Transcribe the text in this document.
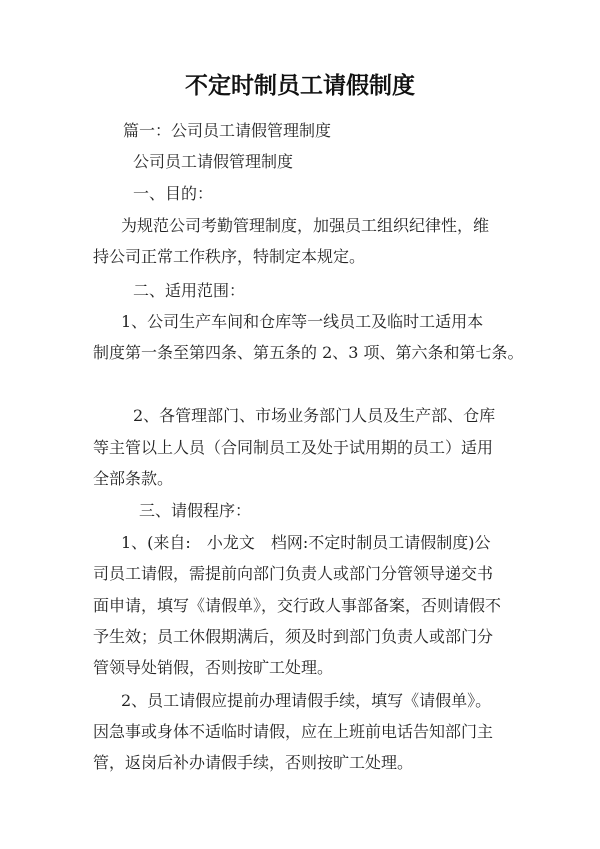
不定时制员工请假制度
篇一：公司员工请假管理制度
公司员工请假管理制度
一、目的：
为规范公司考勤管理制度，加强员工组织纪律性，维
持公司正常工作秩序，特制定本规定。
二、适用范围：
1、公司生产车间和仓库等一线员工及临时工适用本
制度第一条至第四条、第五条的 2、3 项、第六条和第七条。
2、各管理部门、市场业务部门人员及生产部、仓库
等主管以上人员（合同制员工及处于试用期的员工）适用
全部条款。
三、请假程序：
1、(来自:　小龙文　档网:不定时制员工请假制度)公
司员工请假，需提前向部门负责人或部门分管领导递交书
面申请，填写《请假单》，交行政人事部备案，否则请假不
予生效；员工休假期满后，须及时到部门负责人或部门分
管领导处销假，否则按旷工处理。
2、员工请假应提前办理请假手续，填写《请假单》。
因急事或身体不适临时请假，应在上班前电话告知部门主
管，返岗后补办请假手续，否则按旷工处理。
